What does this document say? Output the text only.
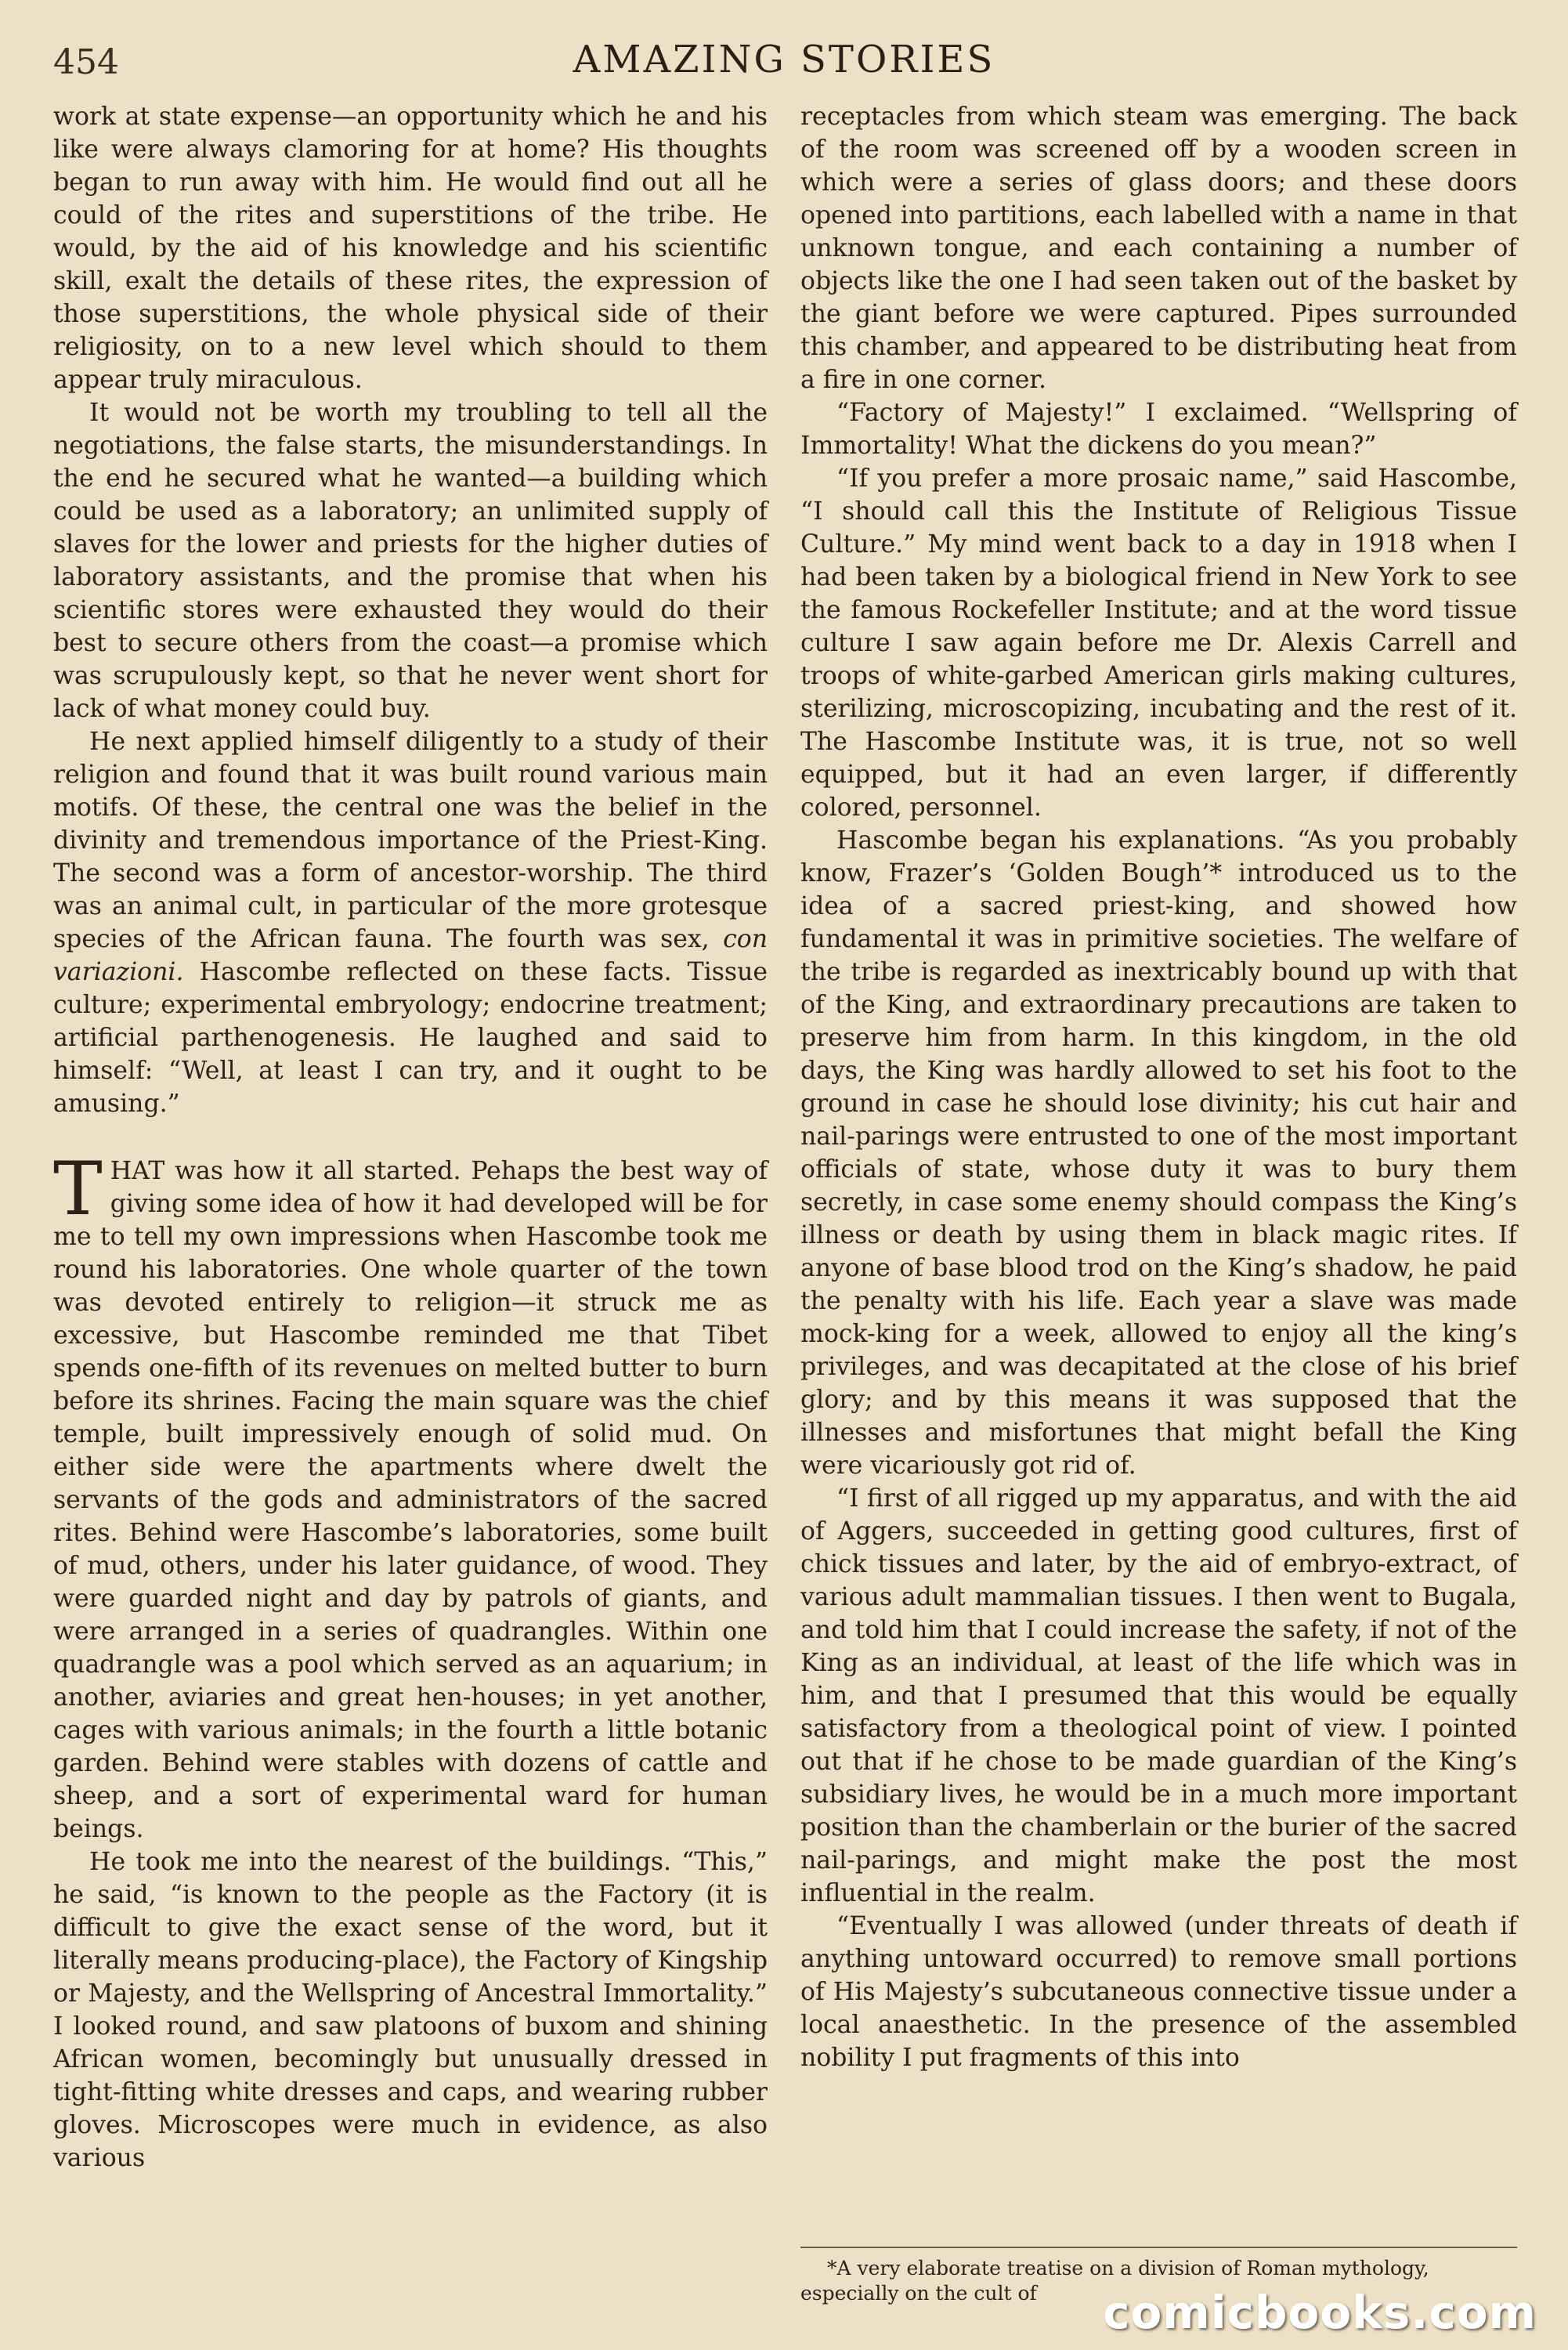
454	AMAZING STORIES

work at state expense—an opportunity which he and his like were always clamoring for at home? His thoughts began to run away with him. He would find out all he could of the rites and superstitions of the tribe. He would, by the aid of his knowledge and his scientific skill, exalt the details of these rites, the expression of those superstitions, the whole physical side of their religiosity, on to a new level which should to them appear truly miraculous.

It would not be worth my troubling to tell all the negotiations, the false starts, the misunderstandings. In the end he secured what he wanted—a building which could be used as a laboratory; an unlimited supply of slaves for the lower and priests for the higher duties of laboratory assistants, and the promise that when his scientific stores were exhausted they would do their best to secure others from the coast—a promise which was scrupulously kept, so that he never went short for lack of what money could buy.

He next applied himself diligently to a study of their religion and found that it was built round various main motifs. Of these, the central one was the belief in the divinity and tremendous importance of the Priest-King. The second was a form of ancestor-worship. The third was an animal cult, in particular of the more grotesque species of the African fauna. The fourth was sex, con variazioni. Hascombe reflected on these facts. Tissue culture; experimental embryology; endocrine treatment; artificial parthenogenesis. He laughed and said to himself: “Well, at least I can try, and it ought to be amusing.”

THAT was how it all started. Pehaps the best way of giving some idea of how it had developed will be for me to tell my own impressions when Hascombe took me round his laboratories. One whole quarter of the town was devoted entirely to religion—it struck me as excessive, but Hascombe reminded me that Tibet spends one-fifth of its revenues on melted butter to burn before its shrines. Facing the main square was the chief temple, built impressively enough of solid mud. On either side were the apartments where dwelt the servants of the gods and administrators of the sacred rites. Behind were Hascombe’s laboratories, some built of mud, others, under his later guidance, of wood. They were guarded night and day by patrols of giants, and were arranged in a series of quadrangles. Within one quadrangle was a pool which served as an aquarium; in another, aviaries and great hen-houses; in yet another, cages with various animals; in the fourth a little botanic garden. Behind were stables with dozens of cattle and sheep, and a sort of experimental ward for human beings.

He took me into the nearest of the buildings. “This,” he said, “is known to the people as the Factory (it is difficult to give the exact sense of the word, but it literally means producing-place), the Factory of Kingship or Majesty, and the Wellspring of Ancestral Immortality.” I looked round, and saw platoons of buxom and shining African women, becomingly but unusually dressed in tight-fitting white dresses and caps, and wearing rubber gloves. Microscopes were much in evidence, as also various

receptacles from which steam was emerging. The back of the room was screened off by a wooden screen in which were a series of glass doors; and these doors opened into partitions, each labelled with a name in that unknown tongue, and each containing a number of objects like the one I had seen taken out of the basket by the giant before we were captured. Pipes surrounded this chamber, and appeared to be distributing heat from a fire in one corner.

“Factory of Majesty!” I exclaimed. “Wellspring of Immortality! What the dickens do you mean?”

“If you prefer a more prosaic name,” said Hascombe, “I should call this the Institute of Religious Tissue Culture.” My mind went back to a day in 1918 when I had been taken by a biological friend in New York to see the famous Rockefeller Institute; and at the word tissue culture I saw again before me Dr. Alexis Carrell and troops of white-garbed American girls making cultures, sterilizing, microscopizing, incubating and the rest of it. The Hascombe Institute was, it is true, not so well equipped, but it had an even larger, if differently colored, personnel.

Hascombe began his explanations. “As you probably know, Frazer’s ‘Golden Bough’* introduced us to the idea of a sacred priest-king, and showed how fundamental it was in primitive societies. The welfare of the tribe is regarded as inextricably bound up with that of the King, and extraordinary precautions are taken to preserve him from harm. In this kingdom, in the old days, the King was hardly allowed to set his foot to the ground in case he should lose divinity; his cut hair and nail-parings were entrusted to one of the most important officials of state, whose duty it was to bury them secretly, in case some enemy should compass the King’s illness or death by using them in black magic rites. If anyone of base blood trod on the King’s shadow, he paid the penalty with his life. Each year a slave was made mock-king for a week, allowed to enjoy all the king’s privileges, and was decapitated at the close of his brief glory; and by this means it was supposed that the illnesses and misfortunes that might befall the King were vicariously got rid of.

“I first of all rigged up my apparatus, and with the aid of Aggers, succeeded in getting good cultures, first of chick tissues and later, by the aid of embryo-extract, of various adult mammalian tissues. I then went to Bugala, and told him that I could increase the safety, if not of the King as an individual, at least of the life which was in him, and that I presumed that this would be equally satisfactory from a theological point of view. I pointed out that if he chose to be made guardian of the King’s subsidiary lives, he would be in a much more important position than the chamberlain or the burier of the sacred nail-parings, and might make the post the most influential in the realm.

“Eventually I was allowed (under threats of death if anything untoward occurred) to remove small portions of His Majesty’s subcutaneous connective tissue under a local anaesthetic. In the presence of the assembled nobility I put fragments of this into

*A very elaborate treatise on a division of Roman mythology, especially on the cult of	comicbooks.com
